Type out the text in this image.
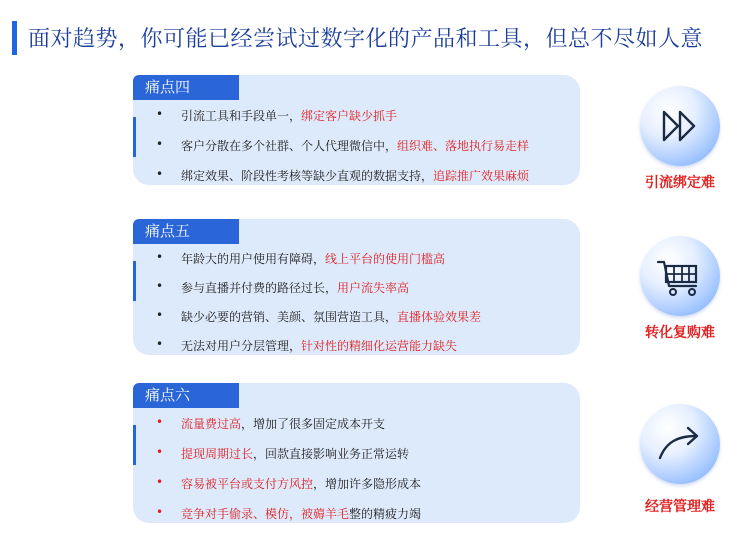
面对趋势，你可能已经尝试过数字化的产品和工具，但总不尽如人意
• 引流工具和手段单一，绑定客户缺少抓手
• 客户分散在多个社群、个人代理微信中，组织难、落地执行易走样
• 绑定效果、阶段性考核等缺少直观的数据支持，追踪推广效果麻烦
痛点四
• 年龄大的用户使用有障碍，线上平台的使用门槛高
• 参与直播并付费的路径过长，用户流失率高
• 缺少必要的营销、美颜、氛围营造工具，直播体验效果差
• 无法对用户分层管理，针对性的精细化运营能力缺失
痛点五
• 流量费过高，增加了很多固定成本开支
• 提现周期过长，回款直接影响业务正常运转
• 容易被平台或支付方风控，增加许多隐形成本
• 竞争对手偷录、模仿，被薅羊毛整的精疲力竭
痛点六
引流绑定难
转化复购难
经营管理难
